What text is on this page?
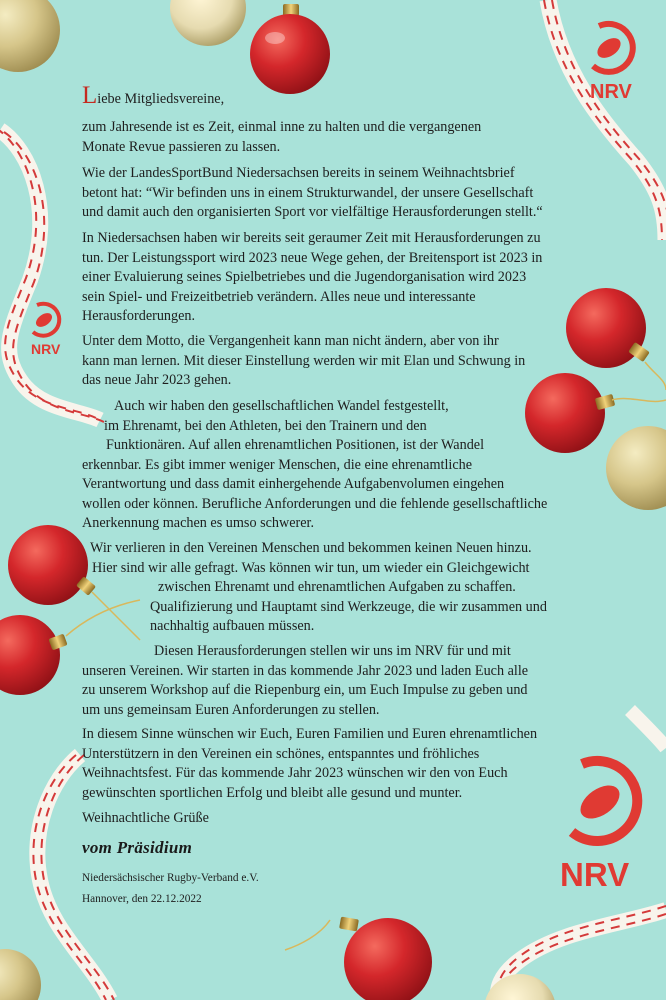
NRV
NRV
NRV

Liebe Mitgliedsvereine,

zum Jahresende ist es Zeit, einmal inne zu halten und die vergangenen
Monate Revue passieren zu lassen.

Wie der LandesSportBund Niedersachsen bereits in seinem Weihnachtsbrief
betont hat: “Wir befinden uns in einem Strukturwandel, der unsere Gesellschaft
und damit auch den organisierten Sport vor vielfältige Herausforderungen stellt.“

In Niedersachsen haben wir bereits seit geraumer Zeit mit Herausforderungen zu
tun. Der Leistungssport wird 2023 neue Wege gehen, der Breitensport ist 2023 in
einer Evaluierung seines Spielbetriebes und die Jugendorganisation wird 2023
sein Spiel- und Freizeitbetrieb verändern. Alles neue und interessante
Herausforderungen.

Unter dem Motto, die Vergangenheit kann man nicht ändern, aber von ihr
kann man lernen. Mit dieser Einstellung werden wir mit Elan und Schwung in
das neue Jahr 2023 gehen.

Auch wir haben den gesellschaftlichen Wandel festgestellt,
im Ehrenamt, bei den Athleten, bei den Trainern und den
Funktionären. Auf allen ehrenamtlichen Positionen, ist der Wandel
erkennbar. Es gibt immer weniger Menschen, die eine ehrenamtliche
Verantwortung und dass damit einhergehende Aufgabenvolumen eingehen
wollen oder können. Berufliche Anforderungen und die fehlende gesellschaftliche
Anerkennung machen es umso schwerer.

Wir verlieren in den Vereinen Menschen und bekommen keinen Neuen hinzu.
Hier sind wir alle gefragt. Was können wir tun, um wieder ein Gleichgewicht
zwischen Ehrenamt und ehrenamtlichen Aufgaben zu schaffen.
Qualifizierung und Hauptamt sind Werkzeuge, die wir zusammen und
nachhaltig aufbauen müssen.

Diesen Herausforderungen stellen wir uns im NRV für und mit
unseren Vereinen. Wir starten in das kommende Jahr 2023 und laden Euch alle
zu unserem Workshop auf die Riepenburg ein, um Euch Impulse zu geben und
um uns gemeinsam Euren Anforderungen zu stellen.

In diesem Sinne wünschen wir Euch, Euren Familien und Euren ehrenamtlichen
Unterstützern in den Vereinen ein schönes, entspanntes und fröhliches
Weihnachtsfest. Für das kommende Jahr 2023 wünschen wir den von Euch
gewünschten sportlichen Erfolg und bleibt alle gesund und munter.

Weihnachtliche Grüße

vom Präsidium

Niedersächsischer Rugby-Verband e.V.

Hannover, den 22.12.2022
